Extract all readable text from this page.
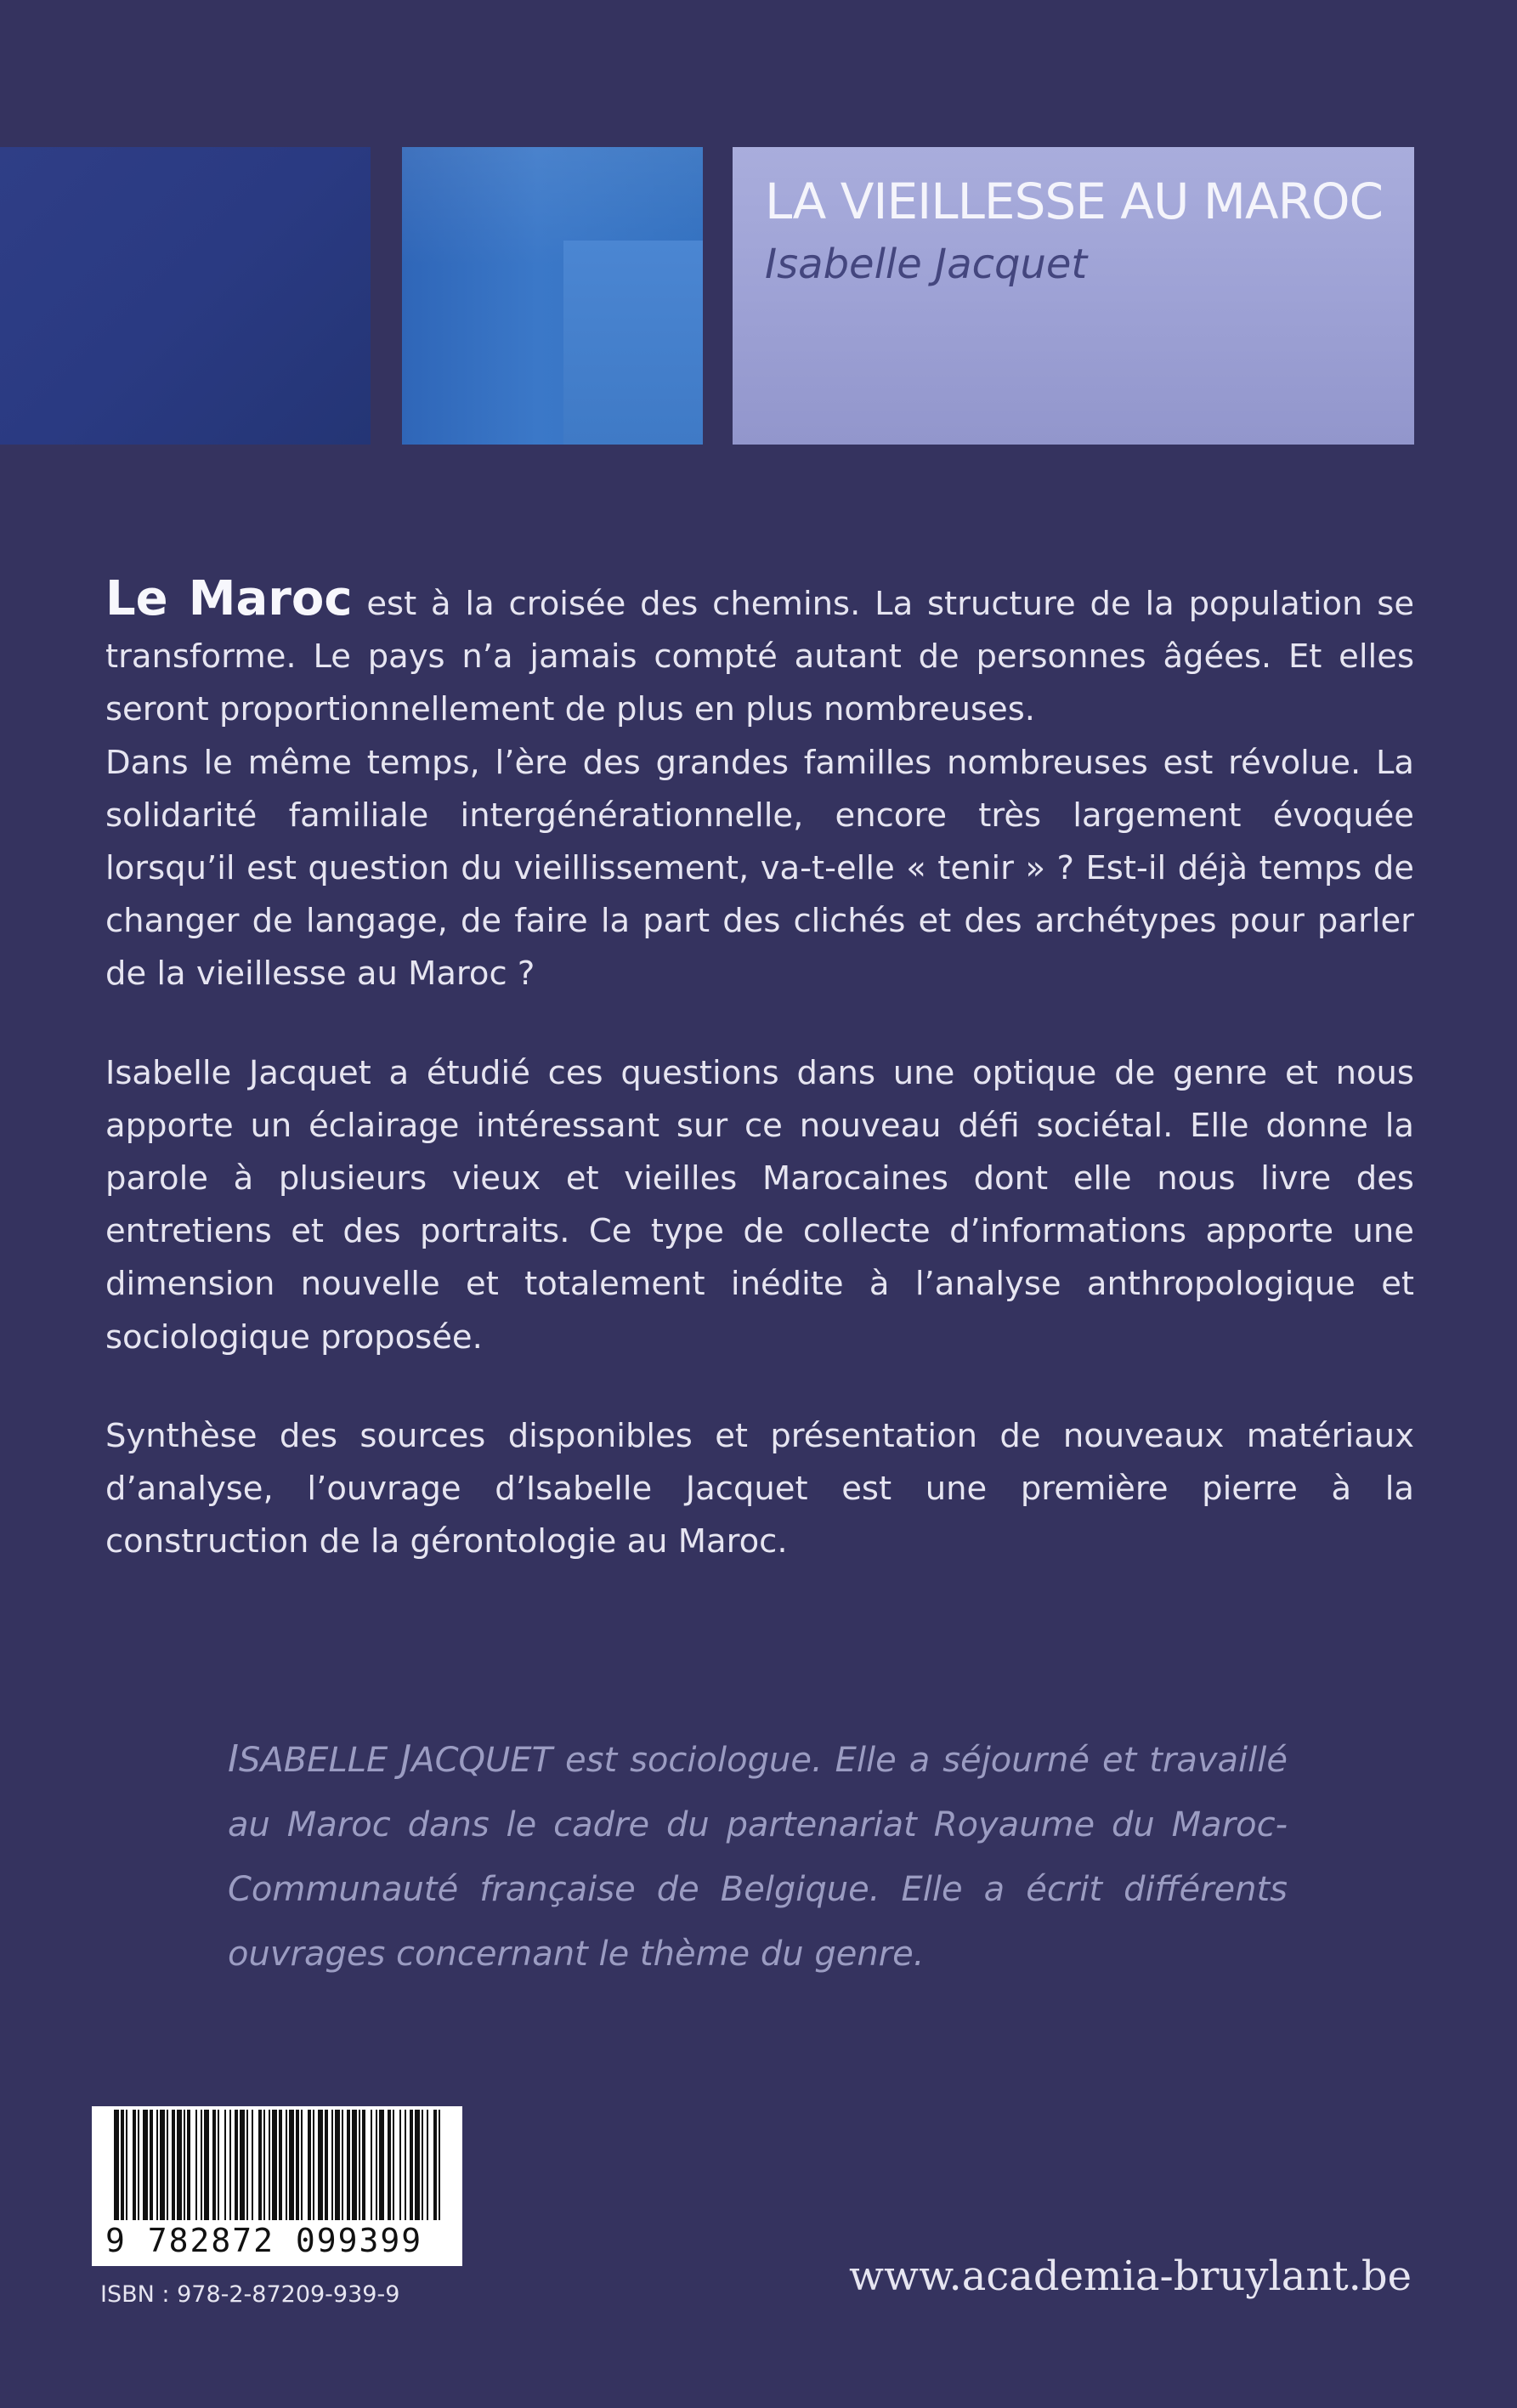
LA VIEILLESSE AU MAROC
Isabelle Jacquet

Le Maroc est à la croisée des chemins. La structure de la population se transforme. Le pays n’a jamais compté autant de personnes âgées. Et elles seront proportionnellement de plus en plus nombreuses.

Dans le même temps, l’ère des grandes familles nombreuses est révolue. La solidarité familiale intergénérationnelle, encore très largement évoquée lorsqu’il est question du vieillissement, va-t-elle « tenir » ? Est-il déjà temps de changer de langage, de faire la part des clichés et des archétypes pour parler de la vieillesse au Maroc ?

Isabelle Jacquet a étudié ces questions dans une optique de genre et nous apporte un éclairage intéressant sur ce nouveau défi sociétal. Elle donne la parole à plusieurs vieux et vieilles Marocaines dont elle nous livre des entretiens et des portraits. Ce type de collecte d’informations apporte une dimension nouvelle et totalement inédite à l’analyse anthropologique et sociologique proposée.

Synthèse des sources disponibles et présentation de nouveaux matériaux d’analyse, l’ouvrage d’Isabelle Jacquet est une première pierre à la construction de la gérontologie au Maroc.

ISABELLE JACQUET est sociologue. Elle a séjourné et travaillé au Maroc dans le cadre du partenariat Royaume du Maroc-Communauté française de Belgique. Elle a écrit différents ouvrages concernant le thème du genre.

9 782872 099399
ISBN : 978-2-87209-939-9	www.academia-bruylant.be
